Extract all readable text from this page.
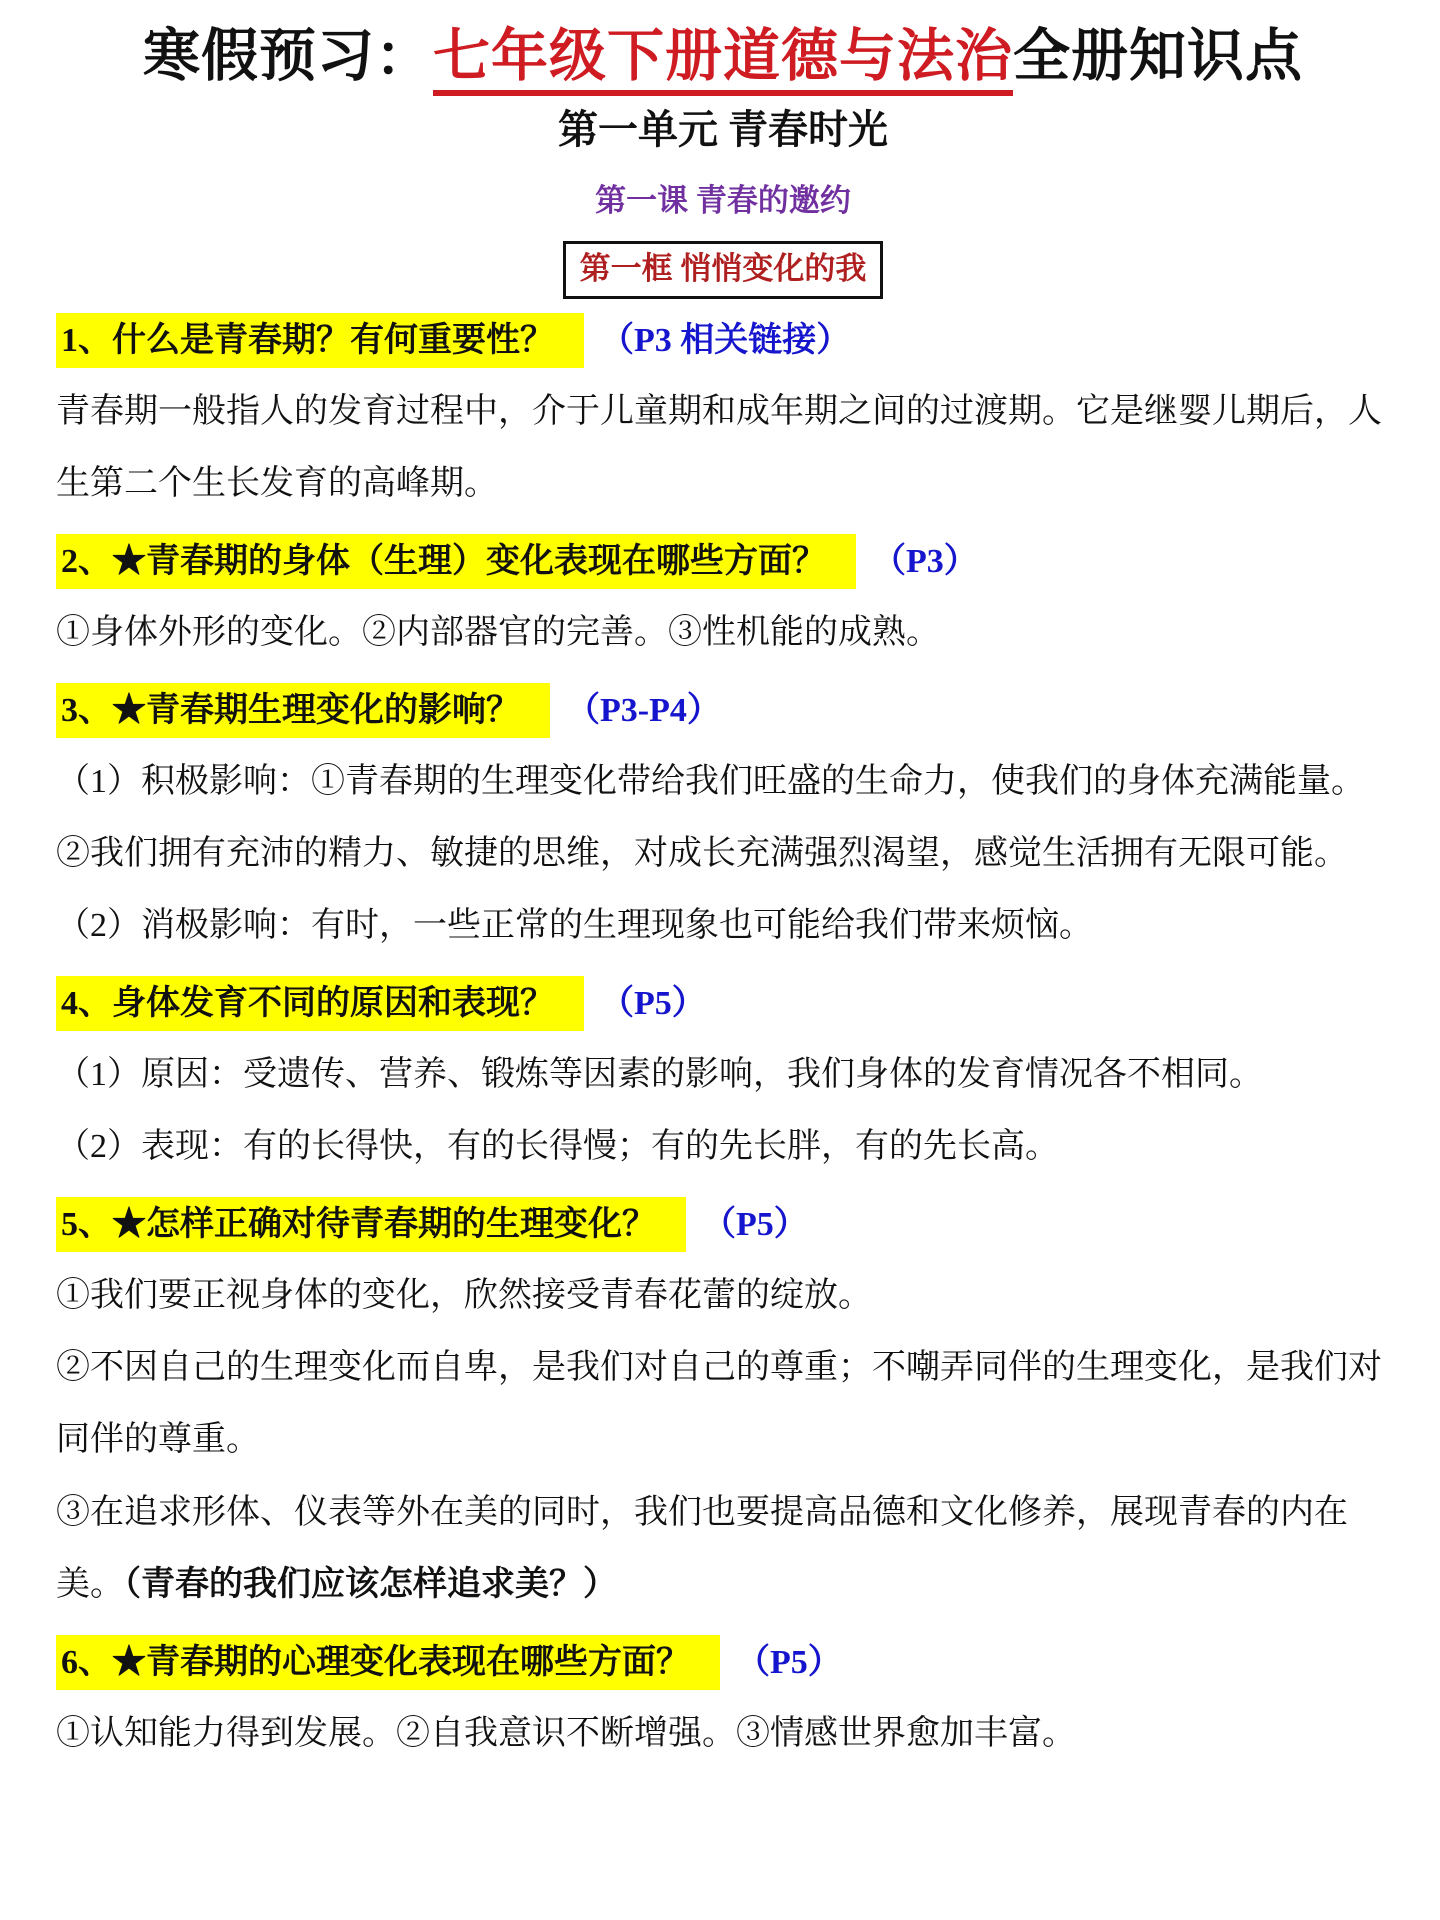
寒假预习：七年级下册道德与法治全册知识点
第一单元 青春时光
第一课 青春的邀约
第一框 悄悄变化的我
1、什么是青春期？有何重要性？ （P3 相关链接）

青春期一般指人的发育过程中，介于儿童期和成年期之间的过渡期。它是继婴儿期后，人生第二个生长发育的高峰期。

2、★青春期的身体（生理）变化表现在哪些方面？ （P3）

①身体外形的变化。②内部器官的完善。③性机能的成熟。

3、★青春期生理变化的影响？ （P3-P4）

（1）积极影响：①青春期的生理变化带给我们旺盛的生命力，使我们的身体充满能量。

②我们拥有充沛的精力、敏捷的思维，对成长充满强烈渴望，感觉生活拥有无限可能。

（2）消极影响：有时，一些正常的生理现象也可能给我们带来烦恼。

4、身体发育不同的原因和表现？ （P5）

（1）原因：受遗传、营养、锻炼等因素的影响，我们身体的发育情况各不相同。

（2）表现：有的长得快，有的长得慢；有的先长胖，有的先长高。

5、★怎样正确对待青春期的生理变化？ （P5）

①我们要正视身体的变化，欣然接受青春花蕾的绽放。

②不因自己的生理变化而自卑，是我们对自己的尊重；不嘲弄同伴的生理变化，是我们对同伴的尊重。

③在追求形体、仪表等外在美的同时，我们也要提高品德和文化修养，展现青春的内在美。（青春的我们应该怎样追求美？）

6、★青春期的心理变化表现在哪些方面？ （P5）

①认知能力得到发展。②自我意识不断增强。③情感世界愈加丰富。
